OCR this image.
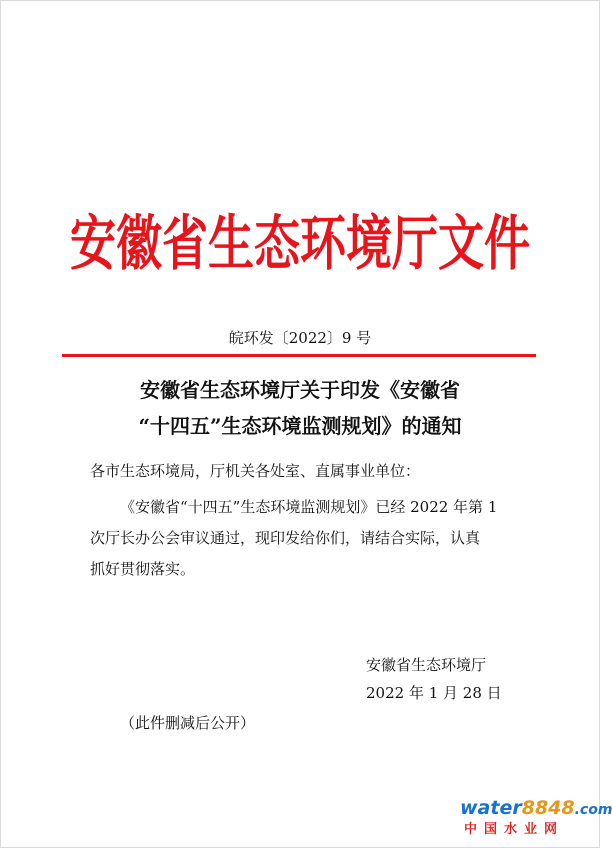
安徽省生态环境厅文件
皖环发〔2022〕9 号
安徽省生态环境厅关于印发《安徽省
“十四五”生态环境监测规划》的通知
各市生态环境局，厅机关各处室、直属事业单位：
《安徽省“十四五”生态环境监测规划》已经 2022 年第 1
次厅长办公会审议通过，现印发给你们，请结合实际，认真
抓好贯彻落实。
安徽省生态环境厅
2022 年 1 月 28 日
（此件删减后公开）
water8848.com
中国水业网
